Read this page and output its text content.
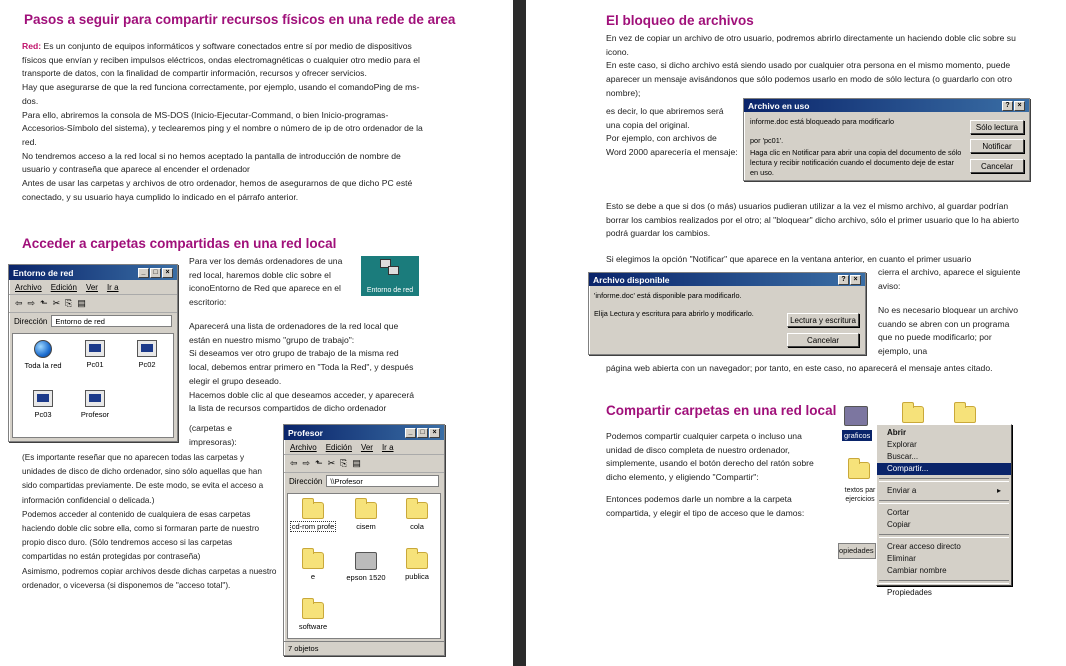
Pasos a seguir para compartir recursos físicos en una rede de area

Red: Es un conjunto de equipos informáticos y software conectados entre sí por medio de dispositivos físicos que envían y reciben impulsos eléctricos, ondas electromagnéticas o cualquier otro medio para el transporte de datos, con la finalidad de compartir información, recursos y ofrecer servicios.

Hay que asegurarse de que la red funciona correctamente, por ejemplo, usando el comandoPing de ms-dos.

Para ello, abriremos la consola de MS-DOS (Inicio-Ejecutar-Command, o bien Inicio-programas-Accesorios-Símbolo del sistema), y teclearemos ping y el nombre o número de ip de otro ordenador de la red.

No tendremos acceso a la red local si no hemos aceptado la pantalla de introducción de nombre de usuario y contraseña que aparece al encender el ordenador

Antes de usar las carpetas y archivos de otro ordenador, hemos de asegurarnos de que dicho PC esté conectado, y su usuario haya cumplido lo indicado en el párrafo anterior.

Acceder a carpetas compartidas en una red local
Entorno de red	_	□	×
Archivo Edición Ver Ir a
⇦ ⇨ ⬑ ✂ ⎘ ▤
Dirección	Entorno de red
Toda la red	Pc01	Pc02
Pc03	Profesor
Para ver los demás ordenadores de una red local, haremos doble clic sobre el iconoEntorno de Red que aparece en el escritorio:
Entorno de red

Aparecerá una lista de ordenadores de la red local que están en nuestro mismo "grupo de trabajo":

Si deseamos ver otro grupo de trabajo de la misma red local, debemos entrar primero en "Toda la Red", y después elegir el grupo deseado.

Hacemos doble clic al que deseamos acceder, y aparecerá la lista de recursos compartidos de dicho ordenador

(carpetas e impresoras):

(Es importante reseñar que no aparecen todas las carpetas y unidades de disco de dicho ordenador, sino sólo aquellas que han sido compartidas previamente. De este modo, se evita el acceso a información confidencial o delicada.)

Podemos acceder al contenido de cualquiera de esas carpetas haciendo doble clic sobre ella, como si formaran parte de nuestro propio disco duro. (Sólo tendremos acceso si las carpetas compartidas no están protegidas por contraseña)

Asimismo, podremos copiar archivos desde dichas carpetas a nuestro ordenador, o viceversa (si disponemos de "acceso total").

Profesor	_	□	×
Archivo Edición Ver Ir a
⇦ ⇨ ⬑ ✂ ⎘ ▤
Dirección	\\Profesor
cd-rom profe	cisem	cola
e	epson 1520	publica
software
7 objetos
El bloqueo de archivos

En vez de copiar un archivo de otro usuario, podremos abrirlo directamente un haciendo doble clic sobre su icono.

En este caso, si dicho archivo está siendo usado por cualquier otra persona en el mismo momento, puede aparecer un mensaje avisándonos que sólo podemos usarlo en modo de sólo lectura (o guardarlo con otro nombre);

es decir, lo que abriremos será una copia del original.

Por ejemplo, con archivos de Word 2000 aparecería el mensaje:

Archivo en uso	?	×
informe.doc está bloqueado para modificarlo
por 'pc01'.
Haga clic en Notificar para abrir una copia del documento de sólo lectura y recibir notificación cuando el documento deje de estar en uso.
Sólo lectura
Notificar
Cancelar
Esto se debe a que si dos (o más) usuarios pudieran utilizar a la vez el mismo archivo, al guardar podrían borrar los cambios realizados por el otro; al "bloquear" dicho archivo, sólo el primer usuario que lo ha abierto podrá guardar los cambios.
Si elegimos la opción "Notificar" que aparece en la ventana anterior, en cuanto el primer usuario
cierra el archivo, aparece el siguiente aviso:
Archivo disponible	?	×
'informe.doc' está disponible para modificarlo.
Elija Lectura y escritura para abrirlo y modificarlo.
Lectura y escritura
Cancelar
No es necesario bloquear un archivo cuando se abren con un programa que no puede modificarlo; por ejemplo, una
página web abierta con un navegador; por tanto, en este caso, no aparecerá el mensaje antes citado.
Compartir carpetas en una red local

Podemos compartir cualquier carpeta o incluso una unidad de disco completa de nuestro ordenador, simplemente, usando el botón derecho del ratón sobre dicho elemento, y eligiendo "Compartir":

Entonces podemos darle un nombre a la carpeta compartida, y elegir el tipo de acceso que le damos:

graficos
textos par ejercicios
opiedades
Abrir
Explorar
Buscar...
Compartir...
Enviar a	▸
Cortar
Copiar
Crear acceso directo
Eliminar
Cambiar nombre
Propiedades
